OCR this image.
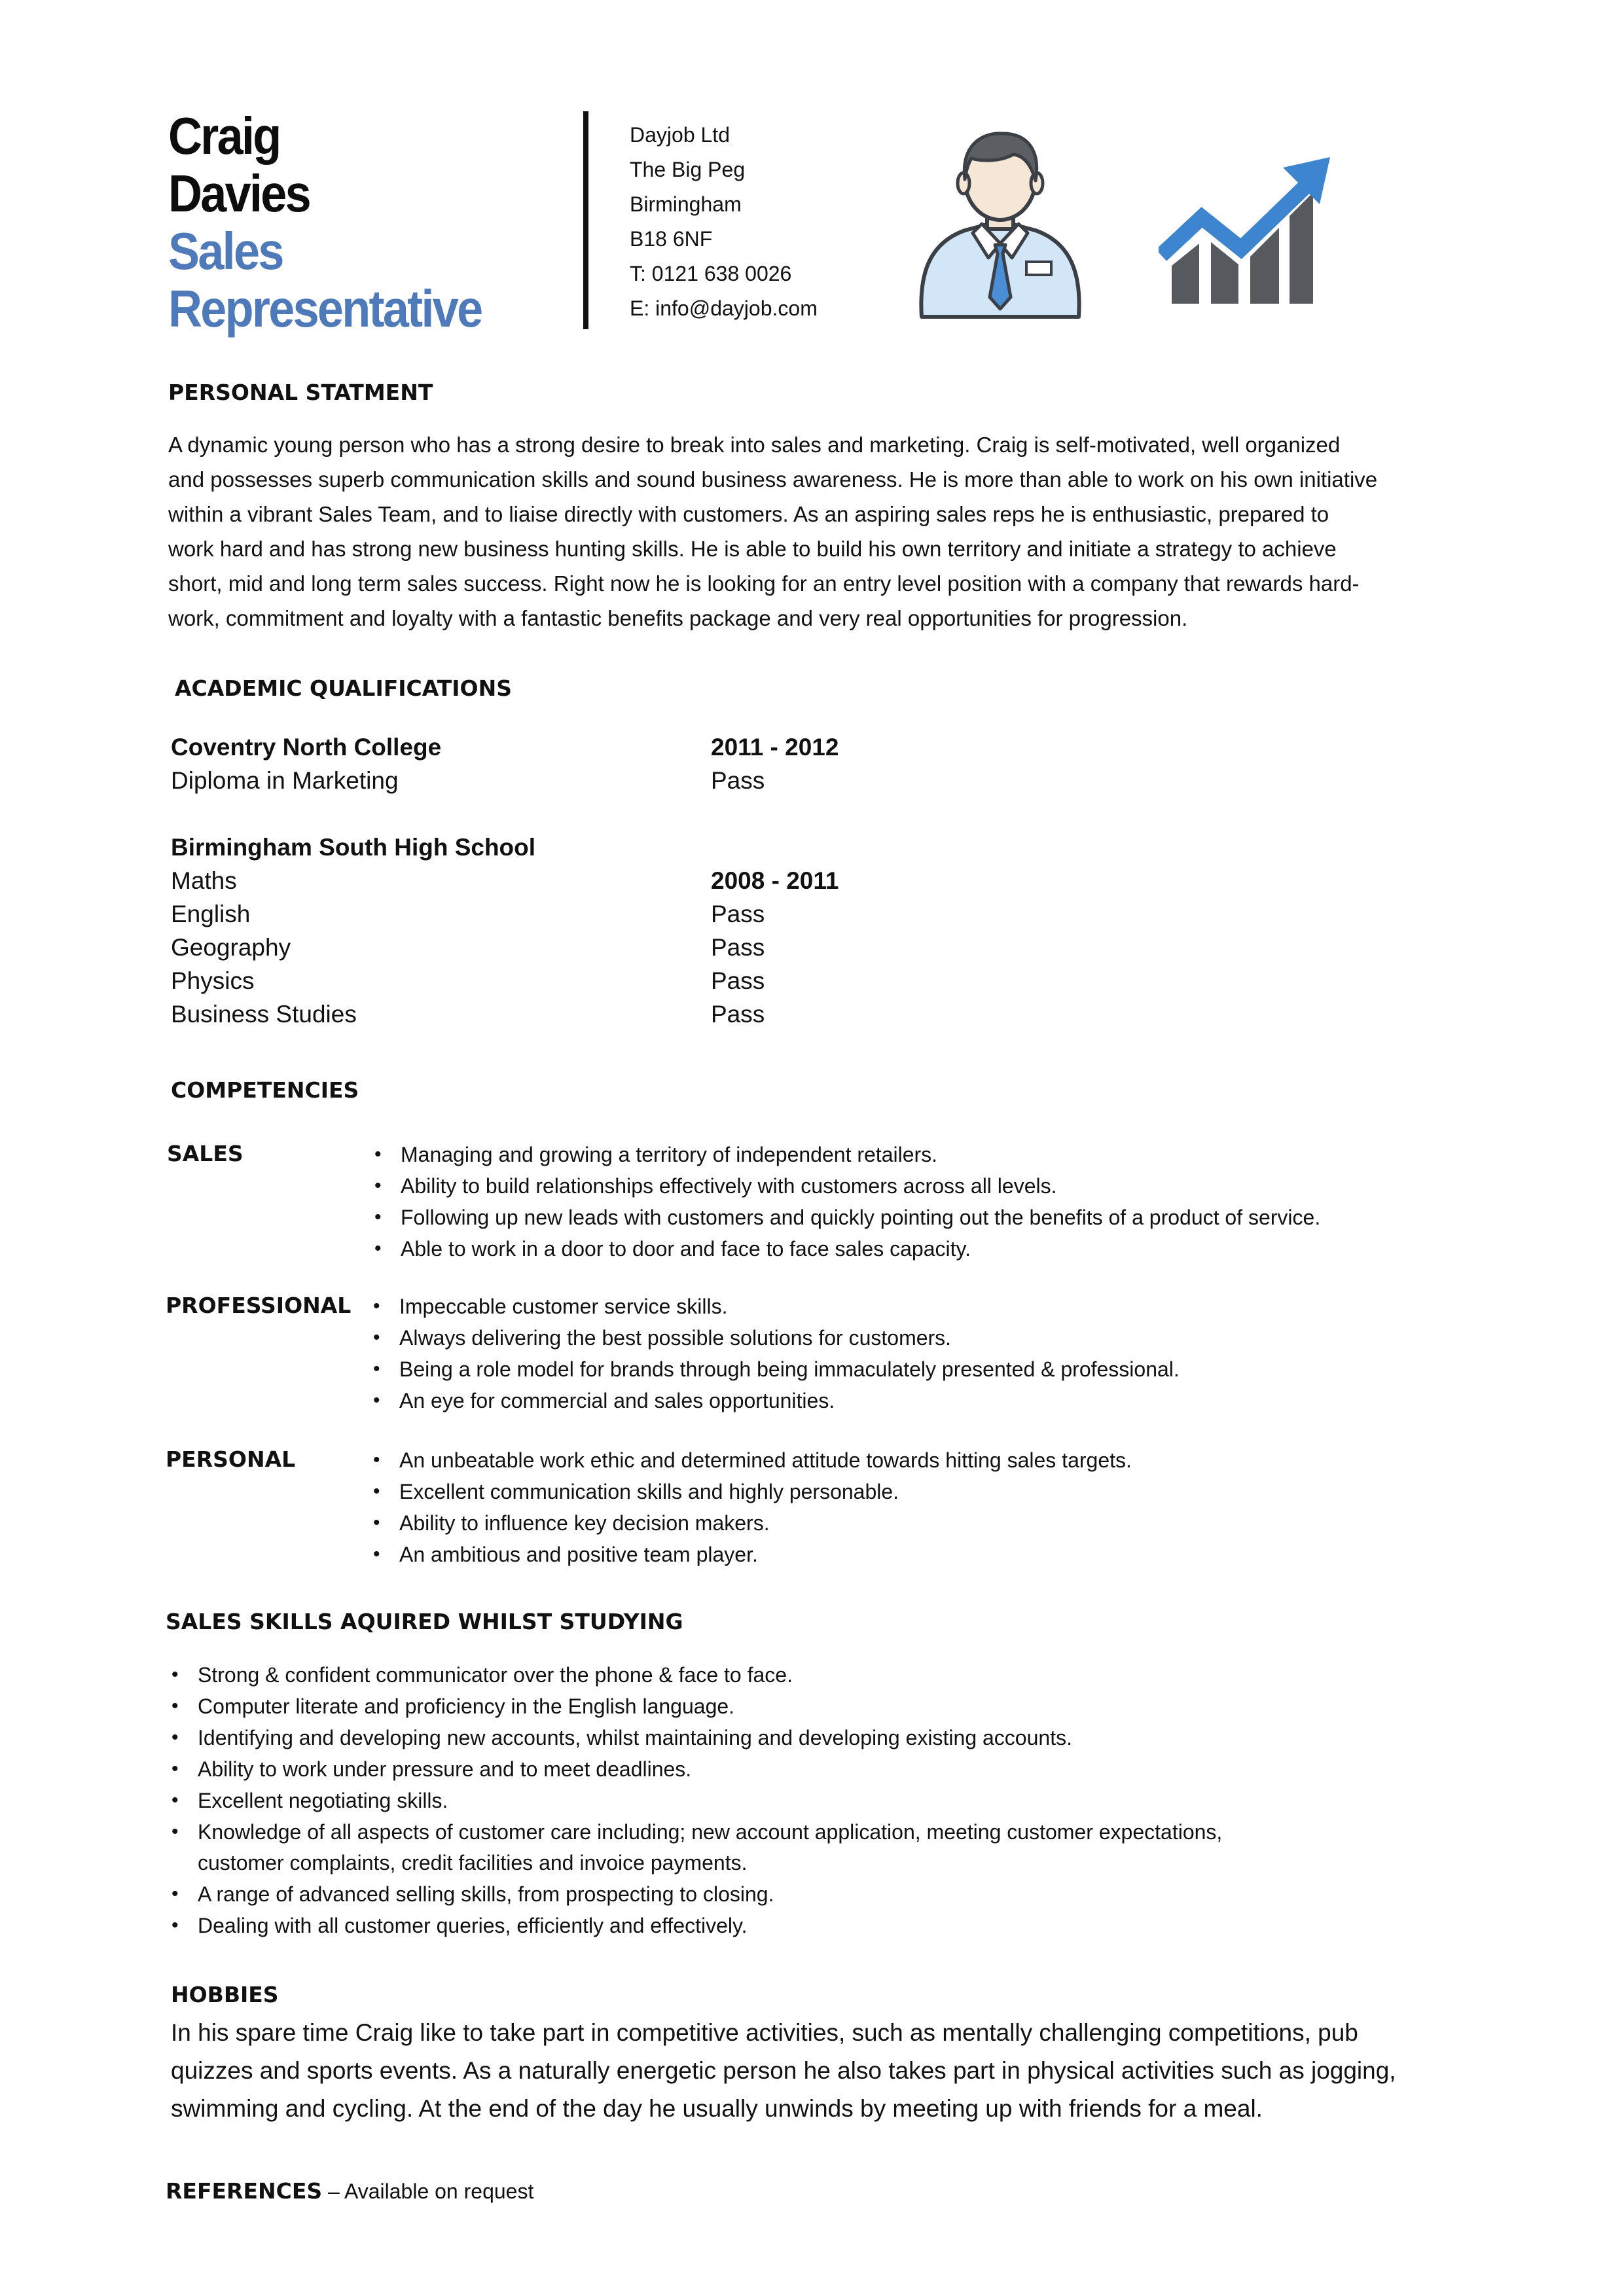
Craig
Davies
Sales
Representative
Dayjob Ltd
The Big Peg
Birmingham
B18 6NF
T: 0121 638 0026
E: info@dayjob.com
PERSONAL STATMENT
A dynamic young person who has a strong desire to break into sales and marketing. Craig is self-motivated, well organized
and possesses superb communication skills and sound business awareness. He is more than able to work on his own initiative
within a vibrant Sales Team, and to liaise directly with customers. As an aspiring sales reps he is enthusiastic, prepared to
work hard and has strong new business hunting skills. He is able to build his own territory and initiate a strategy to achieve
short, mid and long term sales success. Right now he is looking for an entry level position with a company that rewards hard-
work, commitment and loyalty with a fantastic benefits package and very real opportunities for progression.
ACADEMIC QUALIFICATIONS
Coventry North College	2011 - 2012
Diploma in Marketing	Pass
Birmingham South High School
Maths	2008 - 2011
English	Pass
Geography	Pass
Physics	Pass
Business Studies	Pass
COMPETENCIES
SALES	• Managing and growing a territory of independent retailers.
• Ability to build relationships effectively with customers across all levels.
• Following up new leads with customers and quickly pointing out the benefits of a product of service.
• Able to work in a door to door and face to face sales capacity.
PROFESSIONAL • Impeccable customer service skills.
• Always delivering the best possible solutions for customers.
• Being a role model for brands through being immaculately presented & professional.
• An eye for commercial and sales opportunities.
PERSONAL	• An unbeatable work ethic and determined attitude towards hitting sales targets.
• Excellent communication skills and highly personable.
• Ability to influence key decision makers.
• An ambitious and positive team player.
SALES SKILLS AQUIRED WHILST STUDYING
• Strong & confident communicator over the phone & face to face.
• Computer literate and proficiency in the English language.
• Identifying and developing new accounts, whilst maintaining and developing existing accounts.
• Ability to work under pressure and to meet deadlines.
• Excellent negotiating skills.
• Knowledge of all aspects of customer care including; new account application, meeting customer expectations,
customer complaints, credit facilities and invoice payments.
• A range of advanced selling skills, from prospecting to closing.
• Dealing with all customer queries, efficiently and effectively.
HOBBIES
In his spare time Craig like to take part in competitive activities, such as mentally challenging competitions, pub
quizzes and sports events. As a naturally energetic person he also takes part in physical activities such as jogging,
swimming and cycling. At the end of the day he usually unwinds by meeting up with friends for a meal.
REFERENCES – Available on request
